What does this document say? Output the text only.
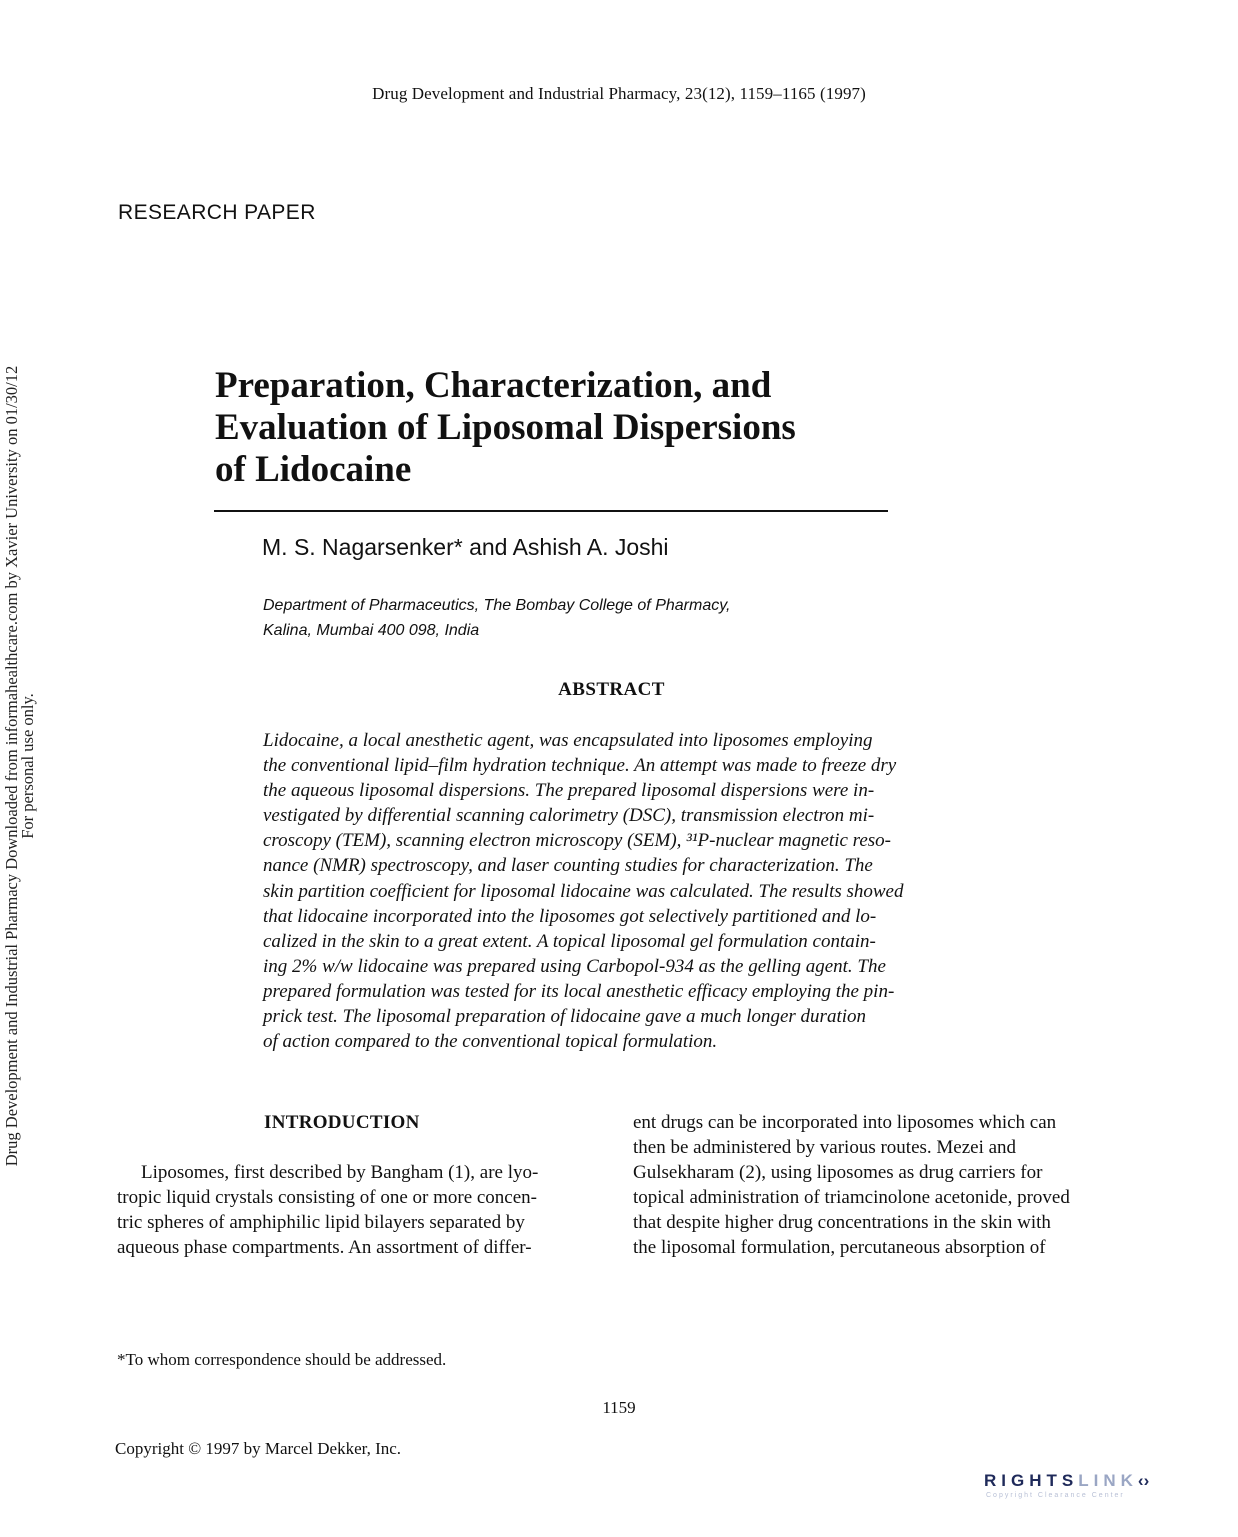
Drug Development and Industrial Pharmacy, 23(12), 1159–1165 (1997)
RESEARCH PAPER
Drug Development and Industrial Pharmacy Downloaded from informahealthcare.com by Xavier University on 01/30/12
For personal use only.
Preparation, Characterization, and
Evaluation of Liposomal Dispersions
of Lidocaine
M. S. Nagarsenker* and Ashish A. Joshi
Department of Pharmaceutics, The Bombay College of Pharmacy,
Kalina, Mumbai 400 098, India
ABSTRACT
Lidocaine, a local anesthetic agent, was encapsulated into liposomes employing
the conventional lipid–film hydration technique. An attempt was made to freeze dry
the aqueous liposomal dispersions. The prepared liposomal dispersions were in-
vestigated by differential scanning calorimetry (DSC), transmission electron mi-
croscopy (TEM), scanning electron microscopy (SEM), ³¹P-nuclear magnetic reso-
nance (NMR) spectroscopy, and laser counting studies for characterization. The
skin partition coefficient for liposomal lidocaine was calculated. The results showed
that lidocaine incorporated into the liposomes got selectively partitioned and lo-
calized in the skin to a great extent. A topical liposomal gel formulation contain-
ing 2% w/w lidocaine was prepared using Carbopol-934 as the gelling agent. The
prepared formulation was tested for its local anesthetic efficacy employing the pin-
prick test. The liposomal preparation of lidocaine gave a much longer duration
of action compared to the conventional topical formulation.
INTRODUCTION
Liposomes, first described by Bangham (1), are lyo-
tropic liquid crystals consisting of one or more concen-
tric spheres of amphiphilic lipid bilayers separated by
aqueous phase compartments. An assortment of differ-
ent drugs can be incorporated into liposomes which can
then be administered by various routes. Mezei and
Gulsekharam (2), using liposomes as drug carriers for
topical administration of triamcinolone acetonide, proved
that despite higher drug concentrations in the skin with
the liposomal formulation, percutaneous absorption of
*To whom correspondence should be addressed.
1159
Copyright © 1997 by Marcel Dekker, Inc.
RIGHTSLINK‹›
Copyright Clearance Center
